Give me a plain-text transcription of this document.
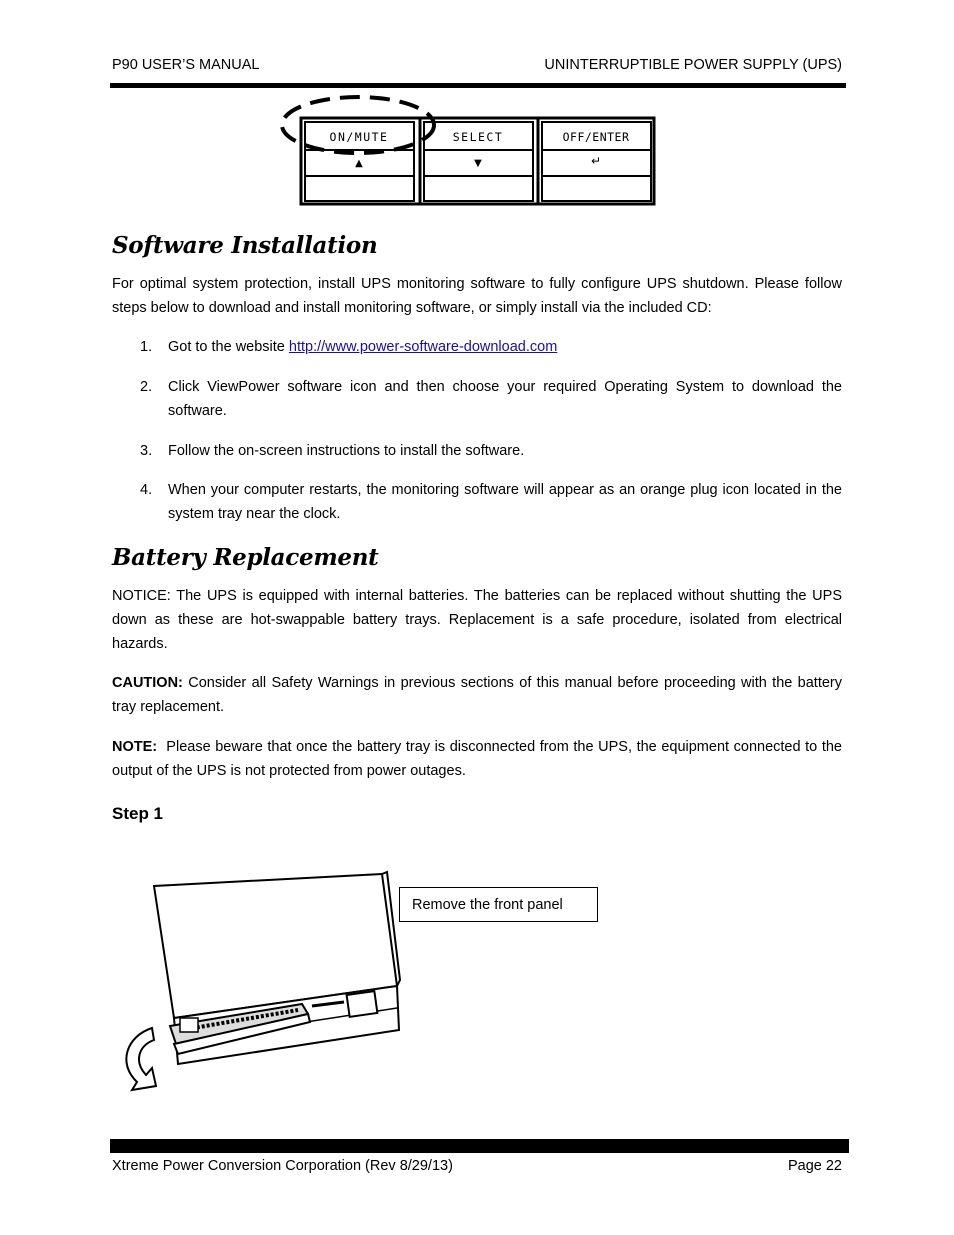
P90 USER’S MANUAL	UNINTERRUPTIBLE POWER SUPPLY (UPS)
ON/MUTE
▲
SELECT
▼
OFF/ENTER
↵
Software Installation

For optimal system protection, install UPS monitoring software to fully configure UPS shutdown. Please follow steps below to download and install monitoring software, or simply install via the included CD:

1. Got to the website http://www.power-software-download.com
2. Click ViewPower software icon and then choose your required Operating System to download the software.
3. Follow the on-screen instructions to install the software.
4. When your computer restarts, the monitoring software will appear as an orange plug icon located in the system tray near the clock.
Battery Replacement

NOTICE: The UPS is equipped with internal batteries. The batteries can be replaced without shutting the UPS down as these are hot-swappable battery trays. Replacement is a safe procedure, isolated from electrical hazards.

CAUTION: Consider all Safety Warnings in previous sections of this manual before proceeding with the battery tray replacement.

NOTE:  Please beware that once the battery tray is disconnected from the UPS, the equipment connected to the output of the UPS is not protected from power outages.

Step 1
Remove the front panel
Xtreme Power Conversion Corporation (Rev 8/29/13)	Page 22
